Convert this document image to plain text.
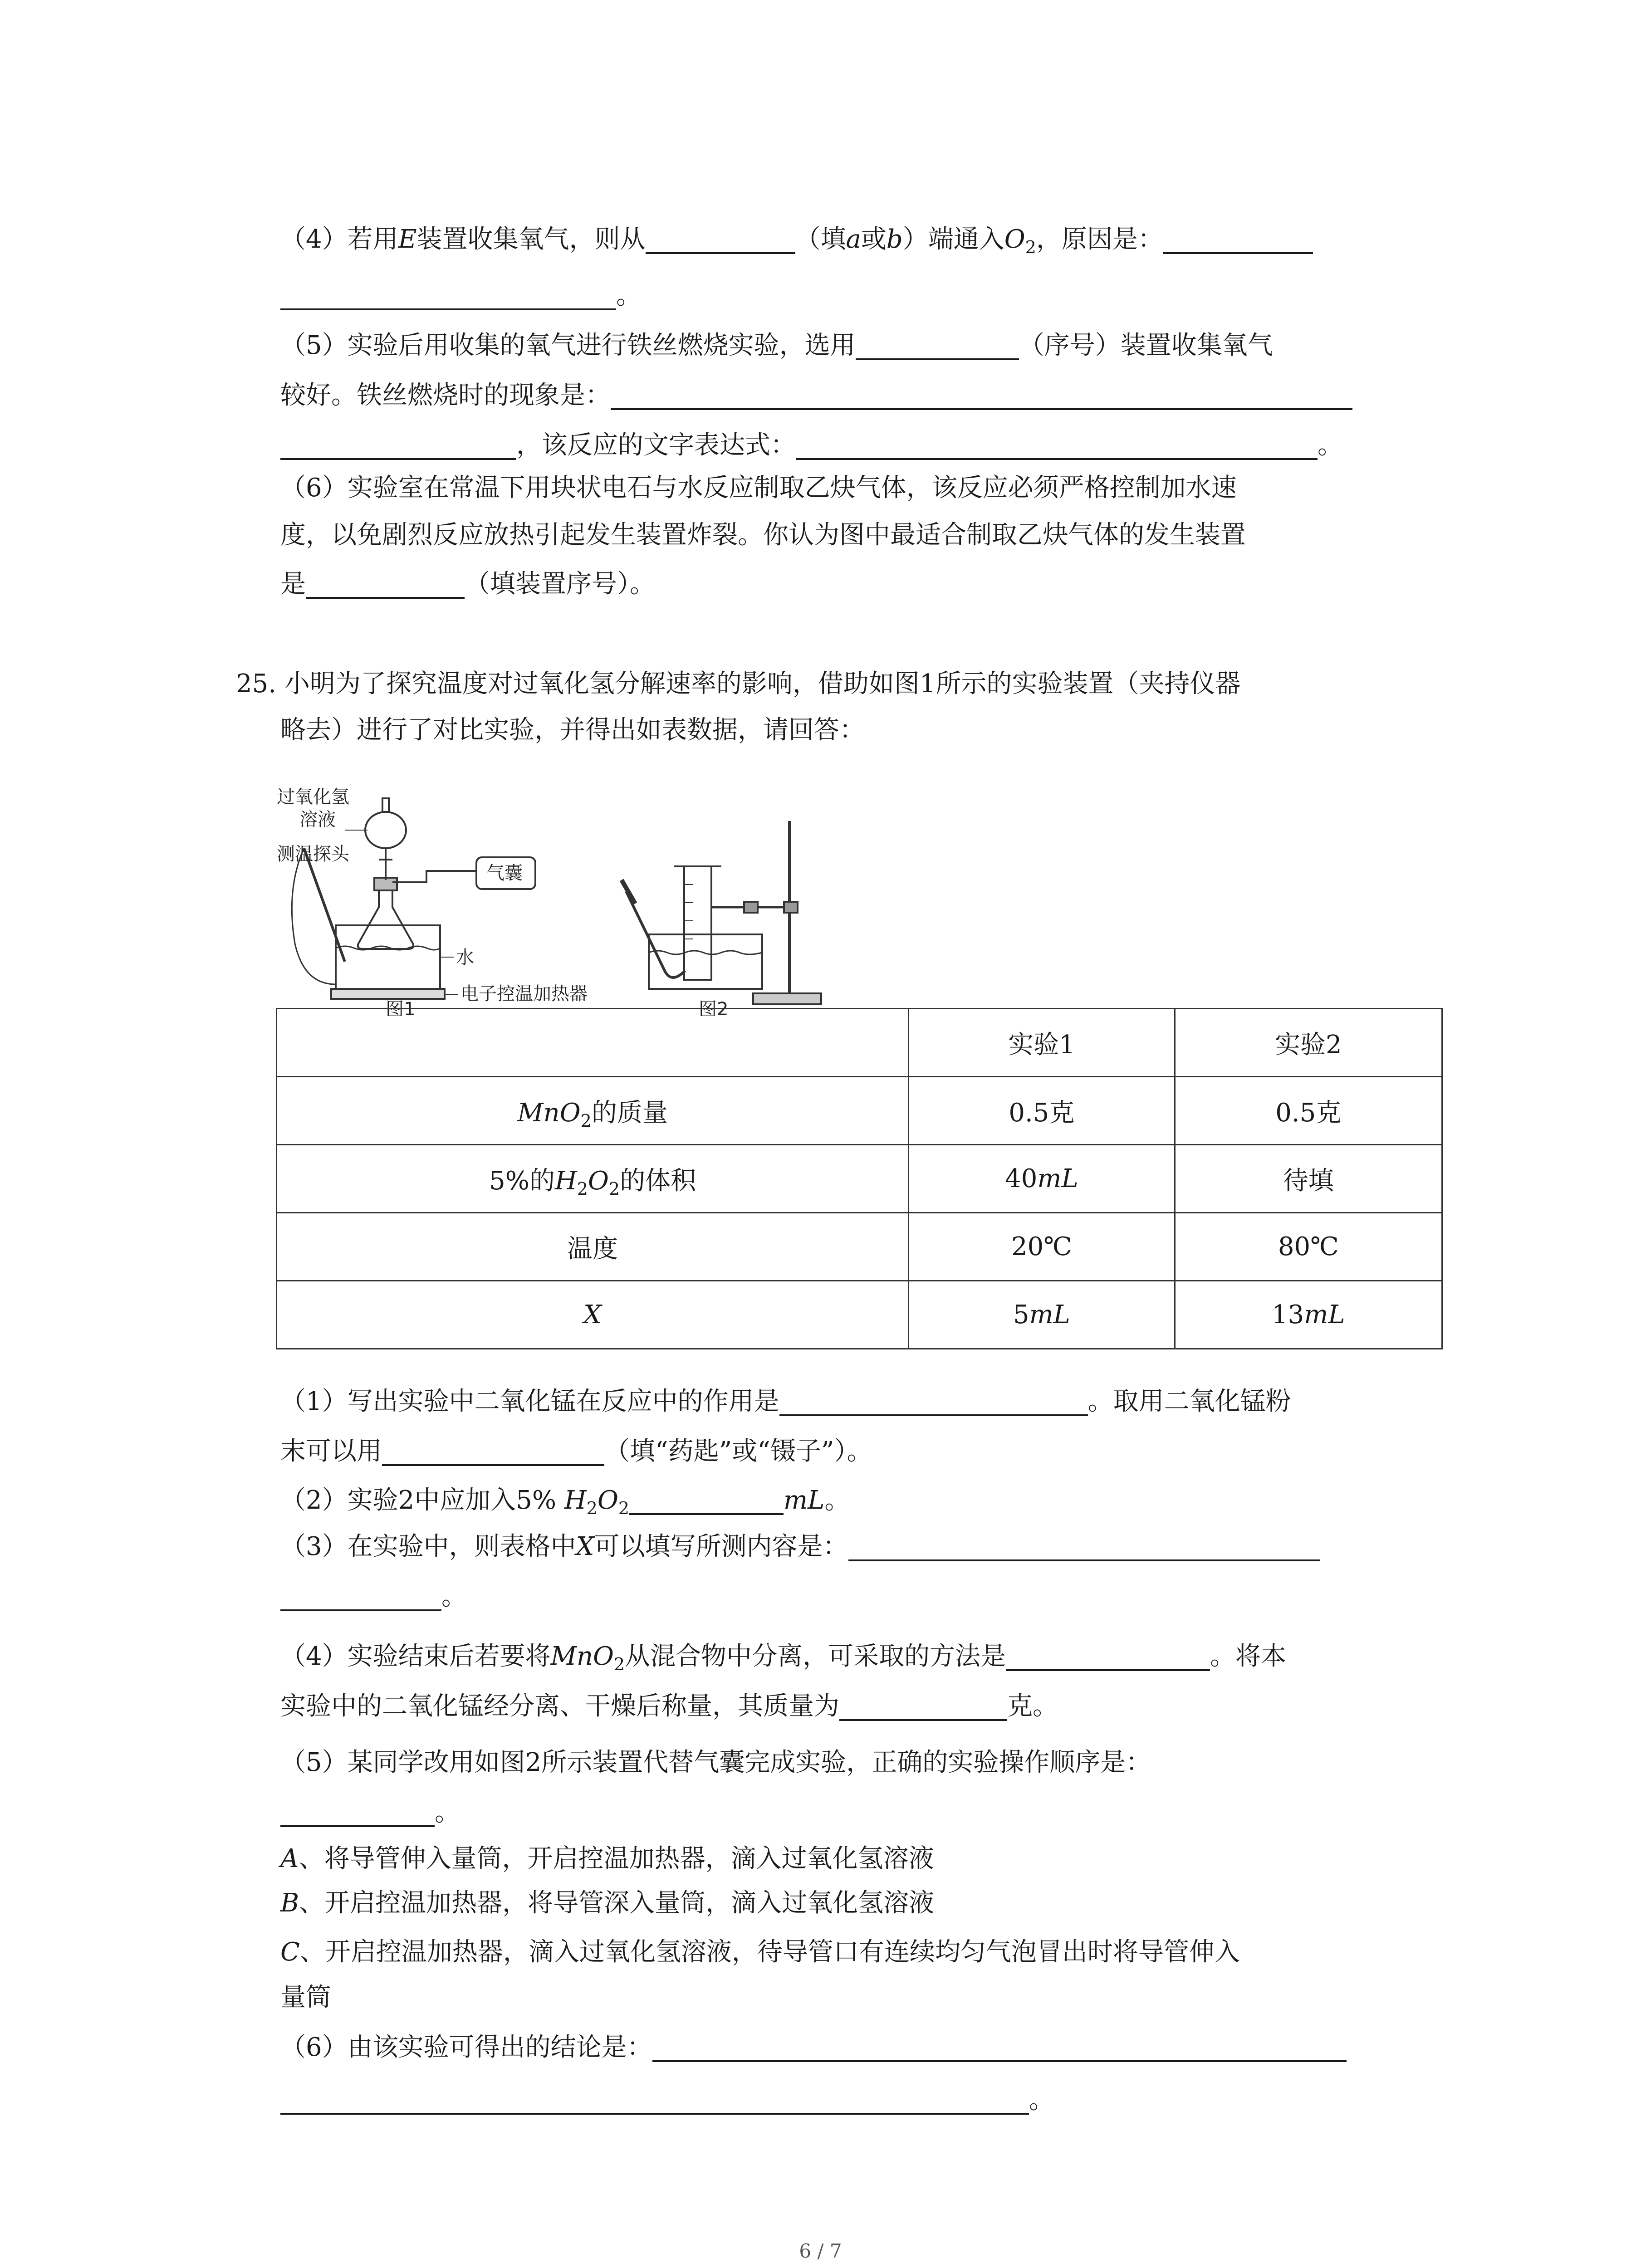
（4）若用E装置收集氧气，则从	（填a或b）端通入$O_2$，原因是：
。
（5）实验后用收集的氧气进行铁丝燃烧实验，选用	（序号）装置收集氧气
较好。铁丝燃烧时的现象是：
，该反应的文字表达式：	。
（6）实验室在常温下用块状电石与水反应制取乙炔气体，该反应必须严格控制加水速
度，以免剧烈反应放热引起发生装置炸裂。你认为图中最适合制取乙炔气体的发生装置
是	（填装置序号）。
25. 小明为了探究温度对过氧化氢分解速率的影响，借助如图1所示的实验装置（夹持仪器
略去）进行了对比实验，并得出如表数据，请回答：
过氧化氢
溶液
气囊
测温探头
水
电子控温加热器
图1	图2
	实验1	实验2
MnO$_2$的质量	0.5克	0.5克
5%的$H_2O_2$的体积	40mL	待填
温度	20℃	80℃
X	5mL	13mL
（1）写出实验中二氧化锰在反应中的作用是	。取用二氧化锰粉
末可以用	（填“药匙”或“镊子”）。
（2）实验2中应加入5% $H_2O_2$	mL。
（3）在实验中，则表格中X可以填写所测内容是：
。
（4）实验结束后若要将MnO$_2$从混合物中分离，可采取的方法是	。将本
实验中的二氧化锰经分离、干燥后称量，其质量为	克。
（5）某同学改用如图2所示装置代替气囊完成实验，正确的实验操作顺序是：
。
A、将导管伸入量筒，开启控温加热器，滴入过氧化氢溶液
B、开启控温加热器，将导管深入量筒，滴入过氧化氢溶液
C、开启控温加热器，滴入过氧化氢溶液，待导管口有连续均匀气泡冒出时将导管伸入
量筒
（6）由该实验可得出的结论是：
。
6 / 7
